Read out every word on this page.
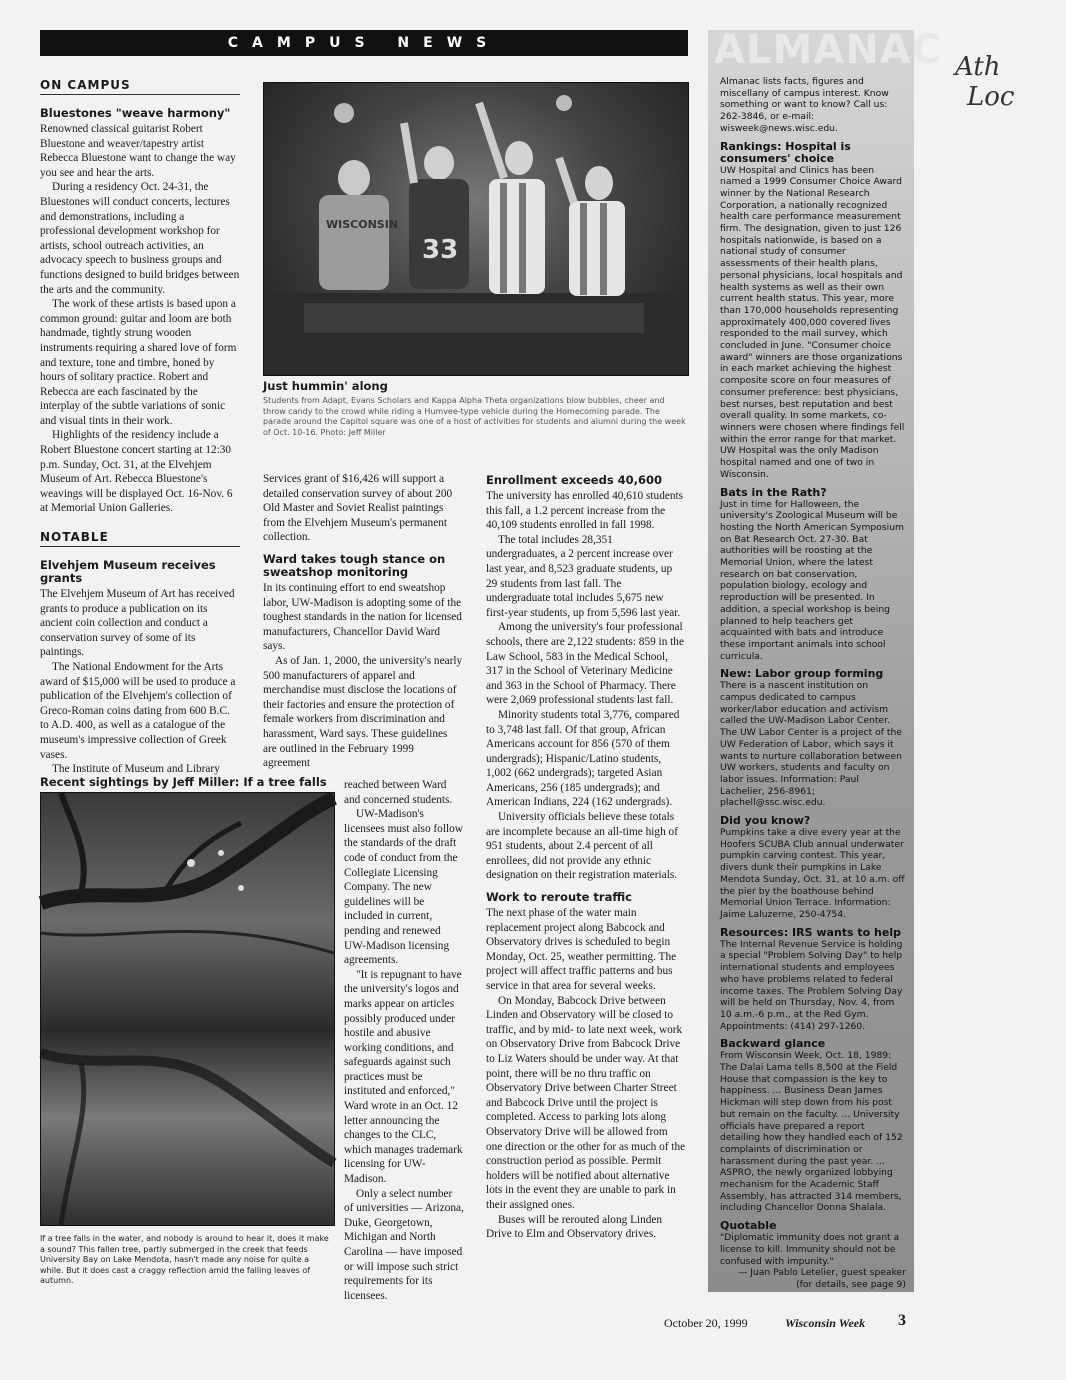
CAMPUS NEWS
ON CAMPUS
Bluestones "weave harmony"

Renowned classical guitarist Robert Bluestone and weaver/tapestry artist Rebecca Bluestone want to change the way you see and hear the arts.

During a residency Oct. 24-31, the Bluestones will conduct concerts, lectures and demonstrations, including a professional development workshop for artists, school outreach activities, an advocacy speech to business groups and functions designed to build bridges between the arts and the community.

The work of these artists is based upon a common ground: guitar and loom are both handmade, tightly strung wooden instruments requiring a shared love of form and texture, tone and timbre, honed by hours of solitary practice. Robert and Rebecca are each fascinated by the interplay of the subtle variations of sonic and visual tints in their work.

Highlights of the residency include a Robert Bluestone concert starting at 12:30 p.m. Sunday, Oct. 31, at the Elvehjem Museum of Art. Rebecca Bluestone's weavings will be displayed Oct. 16-Nov. 6 at Memorial Union Galleries.

NOTABLE
Elvehjem Museum receives grants

The Elvehjem Museum of Art has received grants to produce a publication on its ancient coin collection and conduct a conservation survey of some of its paintings.

The National Endowment for the Arts award of $15,000 will be used to produce a publication of the Elvehjem's collection of Greco-Roman coins dating from 600 B.C. to A.D. 400, as well as a catalogue of the museum's impressive collection of Greek vases.

The Institute of Museum and Library

WISCONSIN
33
Just hummin' along
Students from Adapt, Evans Scholars and Kappa Alpha Theta organizations blow bubbles, cheer and throw candy to the crowd while riding a Humvee-type vehicle during the Homecoming parade. The parade around the Capitol square was one of a host of activities for students and alumni during the week of Oct. 10-16. Photo: Jeff Miller
Services grant of $16,426 will support a detailed conservation survey of about 200 Old Master and Soviet Realist paintings from the Elvehjem Museum's permanent collection.
Ward takes tough stance on sweatshop monitoring

In its continuing effort to end sweatshop labor, UW-Madison is adopting some of the toughest standards in the nation for licensed manufacturers, Chancellor David Ward says.

As of Jan. 1, 2000, the university's nearly 500 manufacturers of apparel and merchandise must disclose the locations of their factories and ensure the protection of female workers from discrimination and harassment, Ward says. These guidelines are outlined in the February 1999 agreement

reached between Ward and concerned students.

UW-Madison's licensees must also follow the standards of the draft code of conduct from the Collegiate Licensing Company. The new guidelines will be included in current, pending and renewed UW-Madison licensing agreements.

"It is repugnant to have the university's logos and marks appear on articles possibly produced under hostile and abusive working conditions, and safeguards against such practices must be instituted and enforced," Ward wrote in an Oct. 12 letter announcing the changes to the CLC, which manages trademark licensing for UW-Madison.

Only a select number of universities — Arizona, Duke, Georgetown, Michigan and North Carolina — have imposed or will impose such strict requirements for its licensees.

Recent sightings by Jeff Miller: If a tree falls
If a tree falls in the water, and nobody is around to hear it, does it make a sound? This fallen tree, partly submerged in the creek that feeds University Bay on Lake Mendota, hasn't made any noise for quite a while. But it does cast a craggy reflection amid the falling leaves of autumn.
Enrollment exceeds 40,600

The university has enrolled 40,610 students this fall, a 1.2 percent increase from the 40,109 students enrolled in fall 1998.

The total includes 28,351 undergraduates, a 2 percent increase over last year, and 8,523 graduate students, up 29 students from last fall. The undergraduate total includes 5,675 new first-year students, up from 5,596 last year.

Among the university's four professional schools, there are 2,122 students: 859 in the Law School, 583 in the Medical School, 317 in the School of Veterinary Medicine and 363 in the School of Pharmacy. There were 2,069 professional students last fall.

Minority students total 3,776, compared to 3,748 last fall. Of that group, African Americans account for 856 (570 of them undergrads); Hispanic/Latino students, 1,002 (662 undergrads); targeted Asian Americans, 256 (185 undergrads); and American Indians, 224 (162 undergrads).

University officials believe these totals are incomplete because an all-time high of 951 students, about 2.4 percent of all enrollees, did not provide any ethnic designation on their registration materials.

Work to reroute traffic

The next phase of the water main replacement project along Babcock and Observatory drives is scheduled to begin Monday, Oct. 25, weather permitting. The project will affect traffic patterns and bus service in that area for several weeks.

On Monday, Babcock Drive between Linden and Observatory will be closed to traffic, and by mid- to late next week, work on Observatory Drive from Babcock Drive to Liz Waters should be under way. At that point, there will be no thru traffic on Observatory Drive between Charter Street and Babcock Drive until the project is completed. Access to parking lots along Observatory Drive will be allowed from one direction or the other for as much of the construction period as possible. Permit holders will be notified about alternative lots in the event they are unable to park in their assigned ones.

Buses will be rerouted along Linden Drive to Elm and Observatory drives.

ALMANAC
Almanac lists facts, figures and miscellany of campus interest. Know something or want to know? Call us: 262-3846, or e-mail: wisweek@news.wisc.edu.
Rankings: Hospital is consumers' choice
UW Hospital and Clinics has been named a 1999 Consumer Choice Award winner by the National Research Corporation, a nationally recognized health care performance measurement firm. The designation, given to just 126 hospitals nationwide, is based on a national study of consumer assessments of their health plans, personal physicians, local hospitals and health systems as well as their own current health status. This year, more than 170,000 households representing approximately 400,000 covered lives responded to the mail survey, which concluded in June. "Consumer choice award" winners are those organizations in each market achieving the highest composite score on four measures of consumer preference: best physicians, best nurses, best reputation and best overall quality. In some markets, co-winners were chosen where findings fell within the error range for that market. UW Hospital was the only Madison hospital named and one of two in Wisconsin.
Bats in the Rath?
Just in time for Halloween, the university's Zoological Museum will be hosting the North American Symposium on Bat Research Oct. 27-30. Bat authorities will be roosting at the Memorial Union, where the latest research on bat conservation, population biology, ecology and reproduction will be presented. In addition, a special workshop is being planned to help teachers get acquainted with bats and introduce these important animals into school curricula.
New: Labor group forming
There is a nascent institution on campus dedicated to campus worker/labor education and activism called the UW-Madison Labor Center. The UW Labor Center is a project of the UW Federation of Labor, which says it wants to nurture collaboration between UW workers, students and faculty on labor issues. Information: Paul Lachelier, 256-8961; plachell@ssc.wisc.edu.
Did you know?
Pumpkins take a dive every year at the Hoofers SCUBA Club annual underwater pumpkin carving contest. This year, divers dunk their pumpkins in Lake Mendota Sunday, Oct. 31, at 10 a.m. off the pier by the boathouse behind Memorial Union Terrace. Information: Jaime Laluzerne, 250-4754.
Resources: IRS wants to help
The Internal Revenue Service is holding a special "Problem Solving Day" to help international students and employees who have problems related to federal income taxes. The Problem Solving Day will be held on Thursday, Nov. 4, from 10 a.m.-6 p.m., at the Red Gym. Appointments: (414) 297-1260.
Backward glance
From Wisconsin Week, Oct. 18, 1989: The Dalai Lama tells 8,500 at the Field House that compassion is the key to happiness. ... Business Dean James Hickman will step down from his post but remain on the faculty. ... University officials have prepared a report detailing how they handled each of 152 complaints of discrimination or harassment during the past year. ... ASPRO, the newly organized lobbying mechanism for the Academic Staff Assembly, has attracted 314 members, including Chancellor Donna Shalala.
Quotable
"Diplomatic immunity does not grant a license to kill. Immunity should not be confused with impunity."
— Juan Pablo Letelier, guest speaker (for details, see page 9)
Ath
Loc
October 20, 1999	Wisconsin Week 3
